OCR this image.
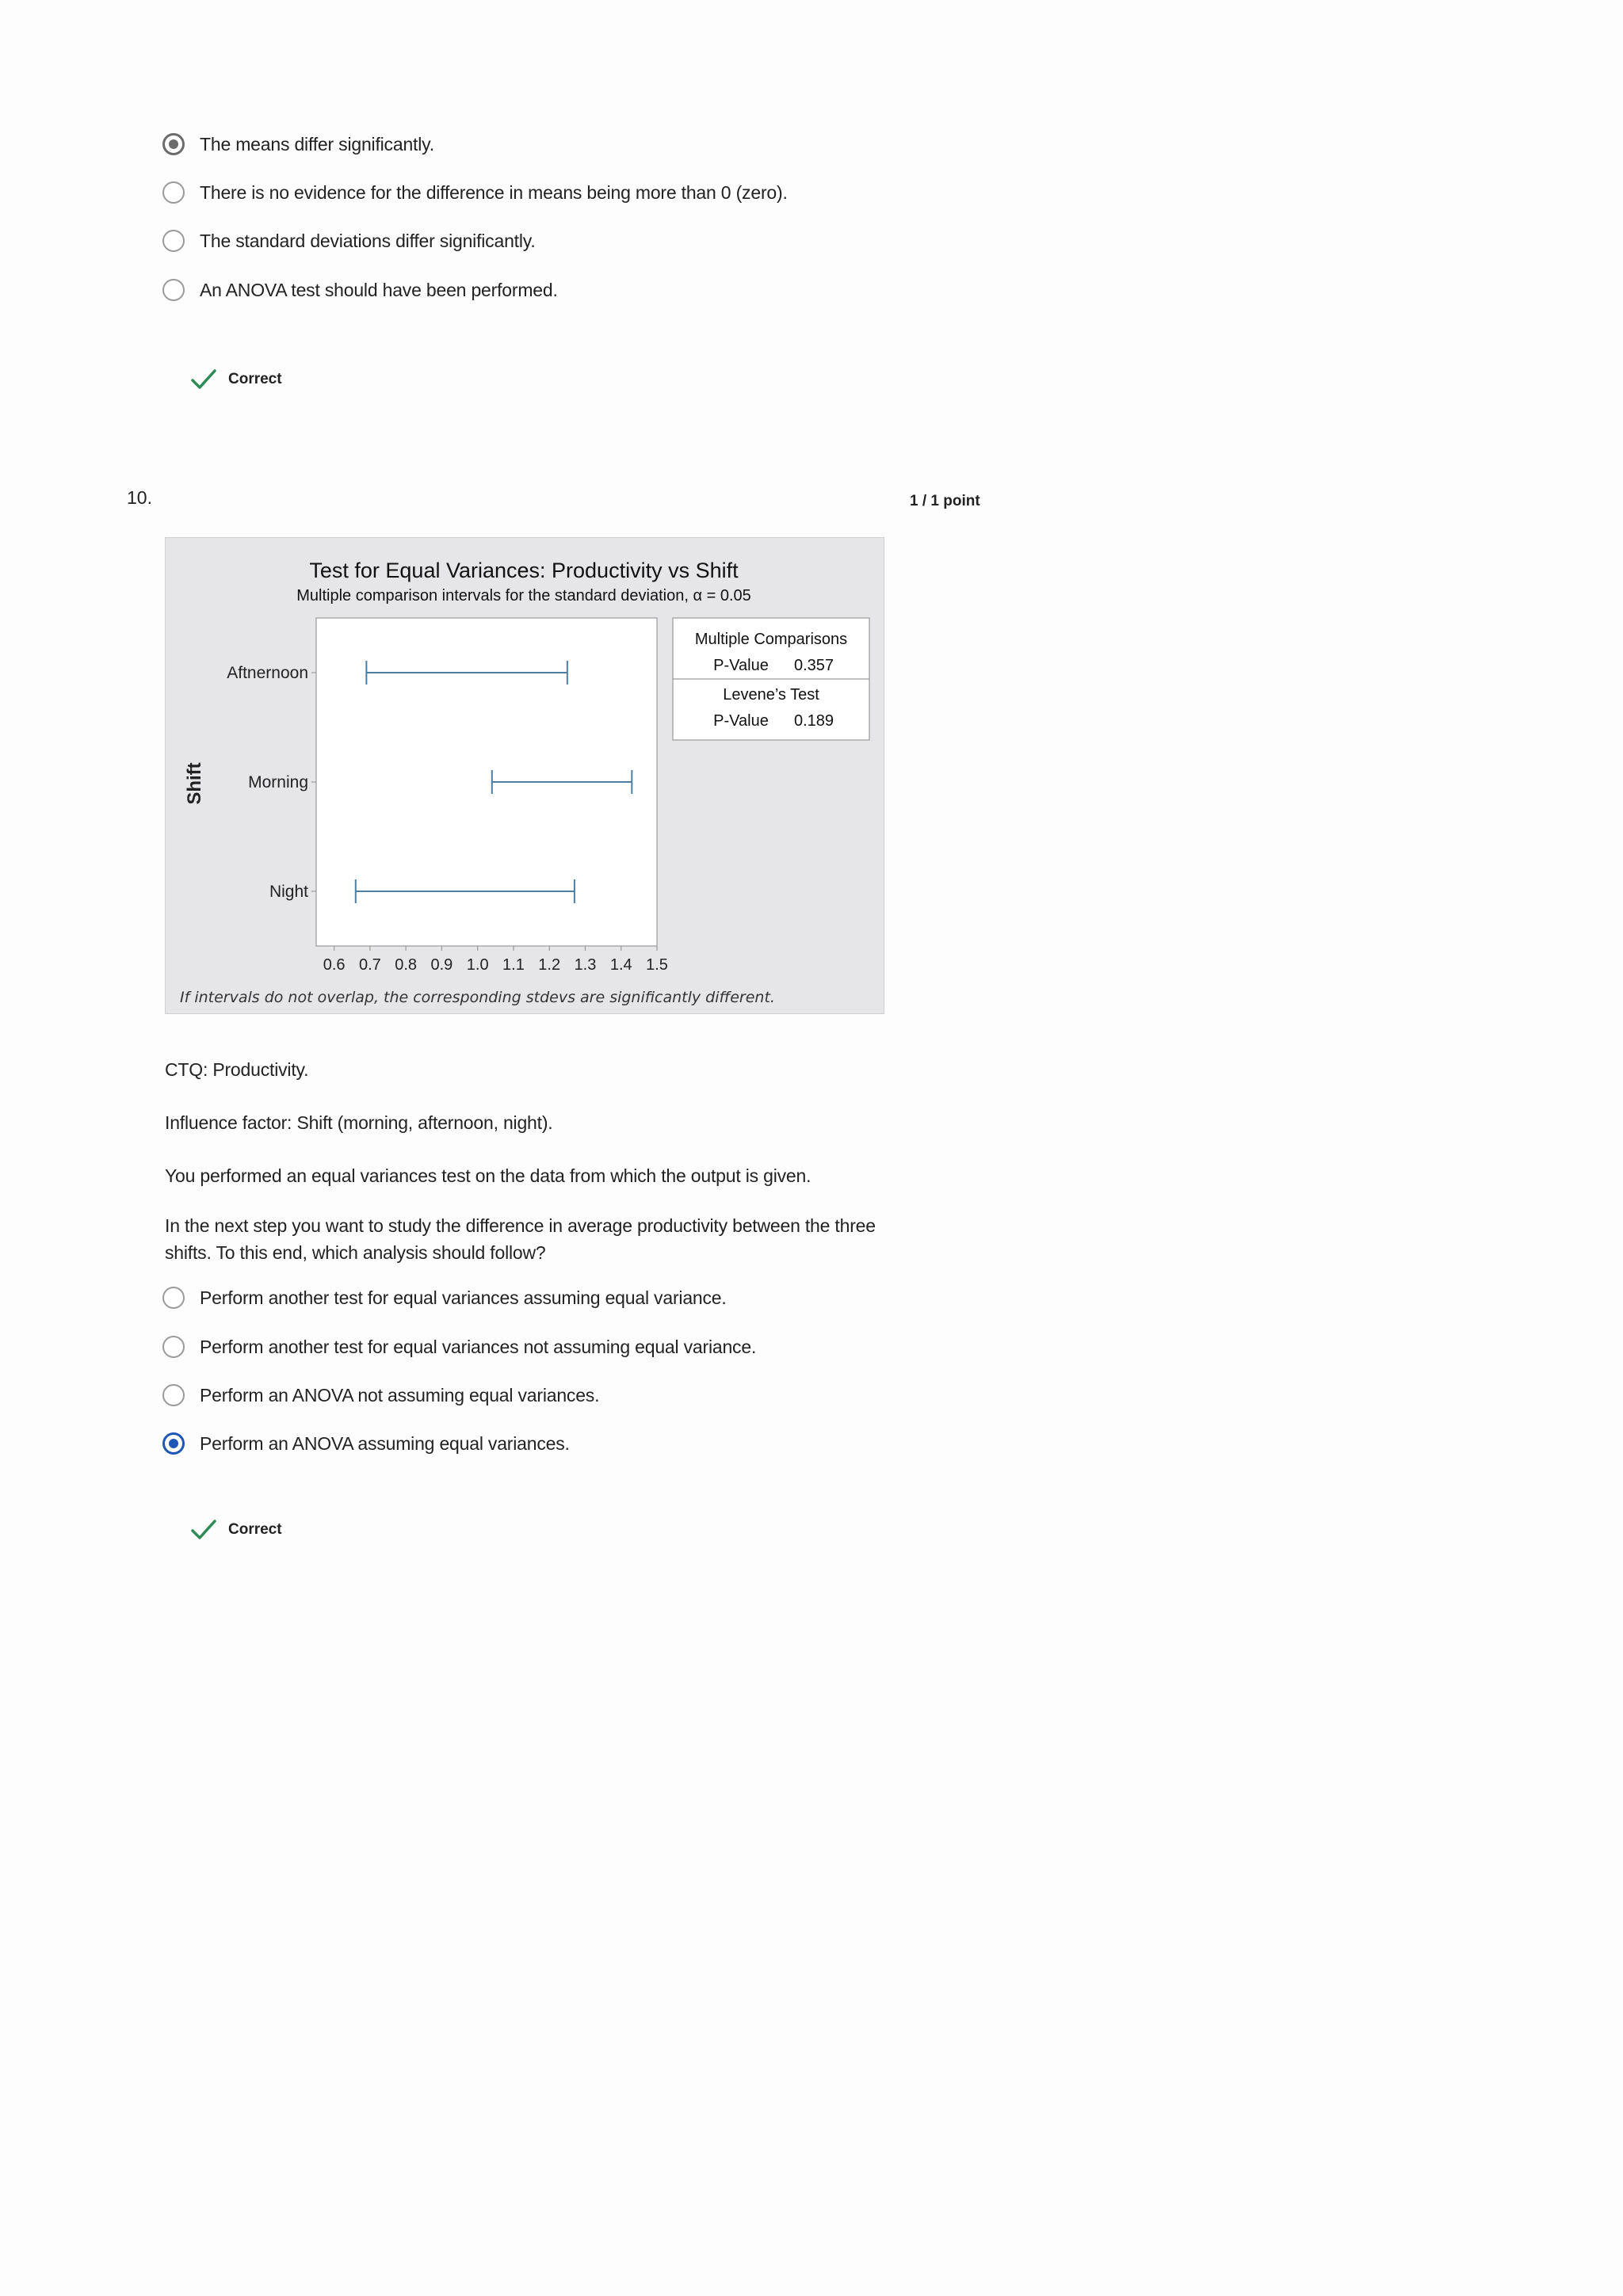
The means differ significantly.
There is no evidence for the difference in means being more than 0 (zero).
The standard deviations differ significantly.
An ANOVA test should have been performed.
Correct
10.	1 / 1 point
Test for Equal Variances: Productivity vs Shift
Multiple comparison intervals for the standard deviation, α = 0.05
Shift
Aftnernoon
Morning
Night
0.6 0.7 0.8 0.9 1.0 1.1 1.2 1.3 1.4 1.5
Multiple Comparisons
P-Value 0.357
Levene’s Test
P-Value 0.189
If intervals do not overlap, the corresponding stdevs are significantly different.
CTQ: Productivity.
Influence factor: Shift (morning, afternoon, night).
You performed an equal variances test on the data from which the output is given.
In the next step you want to study the difference in average productivity between the three shifts. To this end, which analysis should follow?
Perform another test for equal variances assuming equal variance.
Perform another test for equal variances not assuming equal variance.
Perform an ANOVA not assuming equal variances.
Perform an ANOVA assuming equal variances.
Correct
